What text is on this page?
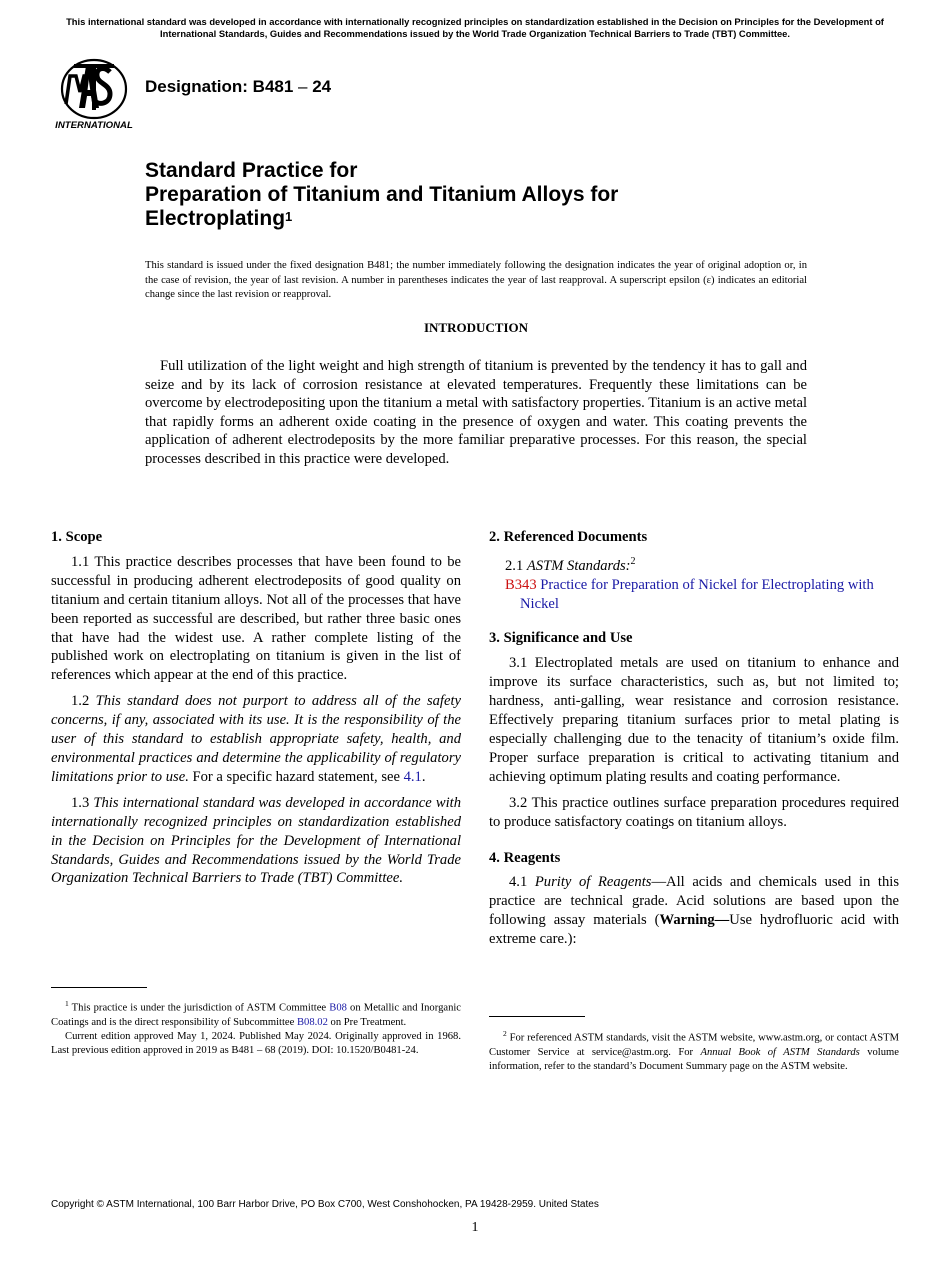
This international standard was developed in accordance with internationally recognized principles on standardization established in the Decision on Principles for the Development of International Standards, Guides and Recommendations issued by the World Trade Organization Technical Barriers to Trade (TBT) Committee.
INTERNATIONAL
Designation: B481 – 24
Standard Practice for
Preparation of Titanium and Titanium Alloys for
Electroplating$^1$
This standard is issued under the fixed designation B481; the number immediately following the designation indicates the year of original adoption or, in the case of revision, the year of last revision. A number in parentheses indicates the year of last reapproval. A superscript epsilon (ε) indicates an editorial change since the last revision or reapproval.
INTRODUCTION

Full utilization of the light weight and high strength of titanium is prevented by the tendency it has to gall and seize and by its lack of corrosion resistance at elevated temperatures. Frequently these limitations can be overcome by electrodepositing upon the titanium a metal with satisfactory properties. Titanium is an active metal that rapidly forms an adherent oxide coating in the presence of oxygen and water. This coating prevents the application of adherent electrodeposits by the more familiar preparative processes. For this reason, the special processes described in this practice were developed.

1. Scope

1.1 This practice describes processes that have been found to be successful in producing adherent electrodeposits of good quality on titanium and certain titanium alloys. Not all of the processes that have been reported as successful are described, but rather three basic ones that have had the widest use. A rather complete listing of the published work on electroplating on titanium is given in the list of references which appear at the end of this practice.

1.2 This standard does not purport to address all of the safety concerns, if any, associated with its use. It is the responsibility of the user of this standard to establish appropriate safety, health, and environmental practices and determine the applicability of regulatory limitations prior to use. For a specific hazard statement, see 4.1.

1.3 This international standard was developed in accordance with internationally recognized principles on standardization established in the Decision on Principles for the Development of International Standards, Guides and Recommendations issued by the World Trade Organization Technical Barriers to Trade (TBT) Committee.

$^1$ This practice is under the jurisdiction of ASTM Committee B08 on Metallic and Inorganic Coatings and is the direct responsibility of Subcommittee B08.02 on Pre Treatment.

Current edition approved May 1, 2024. Published May 2024. Originally approved in 1968. Last previous edition approved in 2019 as B481 – 68 (2019). DOI: 10.1520/B0481-24.

2. Referenced Documents

2.1 ASTM Standards:$^2$

B343 Practice for Preparation of Nickel for Electroplating with Nickel

3. Significance and Use

3.1 Electroplated metals are used on titanium to enhance and improve its surface characteristics, such as, but not limited to; hardness, anti-galling, wear resistance and corrosion resistance. Effectively preparing titanium surfaces prior to metal plating is especially challenging due to the tenacity of titanium’s oxide film. Proper surface preparation is critical to activating titanium and achieving optimum plating results and coating performance.

3.2 This practice outlines surface preparation procedures required to produce satisfactory coatings on titanium alloys.

4. Reagents

4.1 Purity of Reagents—All acids and chemicals used in this practice are technical grade. Acid solutions are based upon the following assay materials (Warning—Use hydrofluoric acid with extreme care.):

$^2$ For referenced ASTM standards, visit the ASTM website, www.astm.org, or contact ASTM Customer Service at service@astm.org. For Annual Book of ASTM Standards volume information, refer to the standard’s Document Summary page on the ASTM website.

Copyright © ASTM International, 100 Barr Harbor Drive, PO Box C700, West Conshohocken, PA 19428-2959. United States
1
